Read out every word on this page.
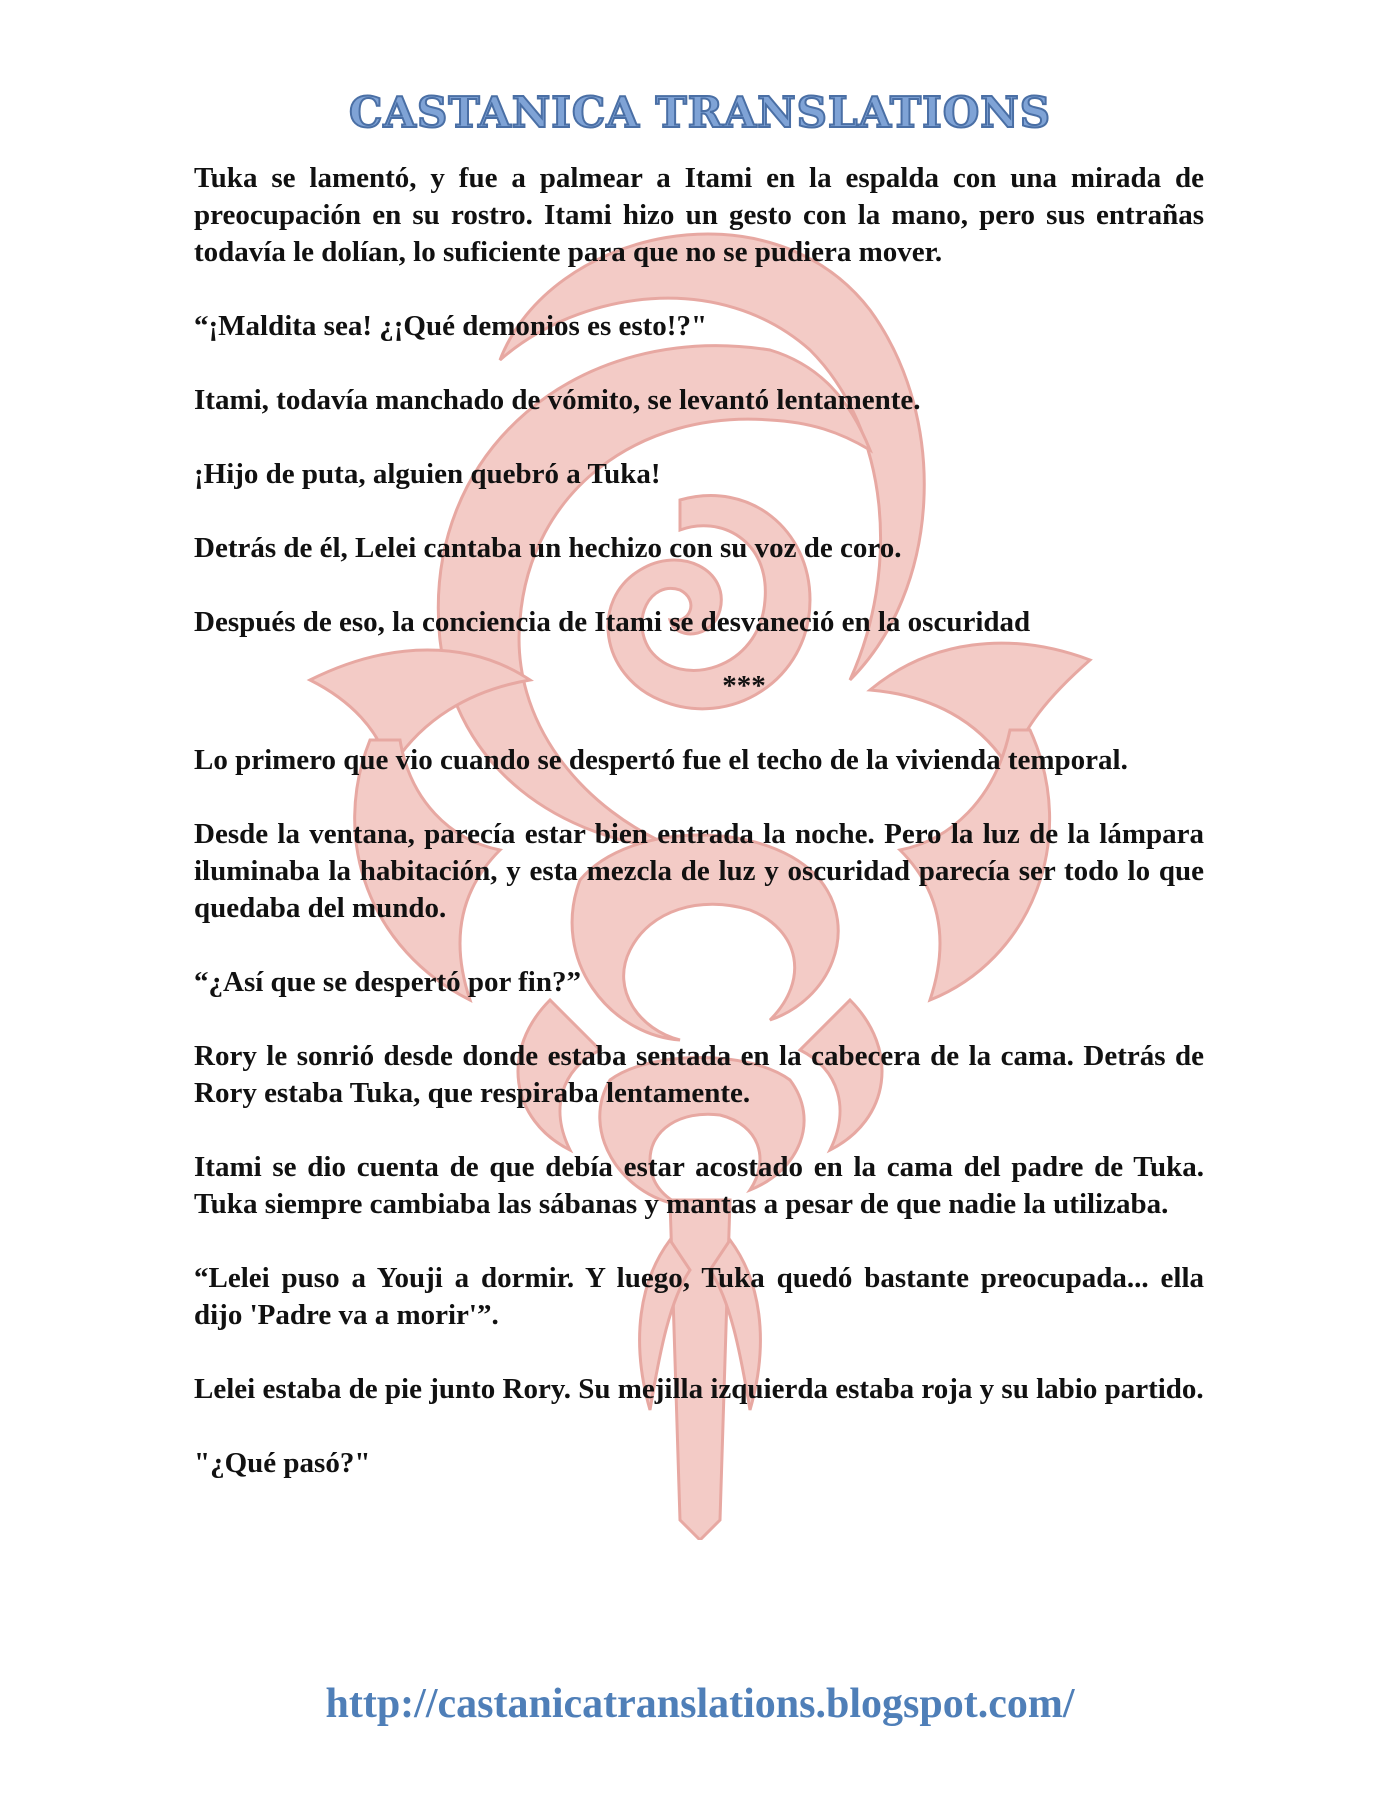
CASTANICA TRANSLATIONS

Tuka se lamentó, y fue a palmear a Itami en la espalda con una mirada de preocupación en su rostro. Itami hizo un gesto con la mano, pero sus entrañas todavía le dolían, lo suficiente para que no se pudiera mover.

“¡Maldita sea! ¿¡Qué demonios es esto!?"

Itami, todavía manchado de vómito, se levantó lentamente.

¡Hijo de puta, alguien quebró a Tuka!

Detrás de él, Lelei cantaba un hechizo con su voz de coro.

Después de eso, la conciencia de Itami se desvaneció en la oscuridad

***

Lo primero que vio cuando se despertó fue el techo de la vivienda temporal.

Desde la ventana, parecía estar bien entrada la noche. Pero la luz de la lámpara iluminaba la habitación, y esta mezcla de luz y oscuridad parecía ser todo lo que quedaba del mundo.

“¿Así que se despertó por fin?”

Rory le sonrió desde donde estaba sentada en la cabecera de la cama. Detrás de Rory estaba Tuka, que respiraba lentamente.

Itami se dio cuenta de que debía estar acostado en la cama del padre de Tuka. Tuka siempre cambiaba las sábanas y mantas a pesar de que nadie la utilizaba.

“Lelei puso a Youji a dormir. Y luego, Tuka quedó bastante preocupada... ella dijo 'Padre va a morir'”.

Lelei estaba de pie junto Rory. Su mejilla izquierda estaba roja y su labio partido.

"¿Qué pasó?"

http://castanicatranslations.blogspot.com/
